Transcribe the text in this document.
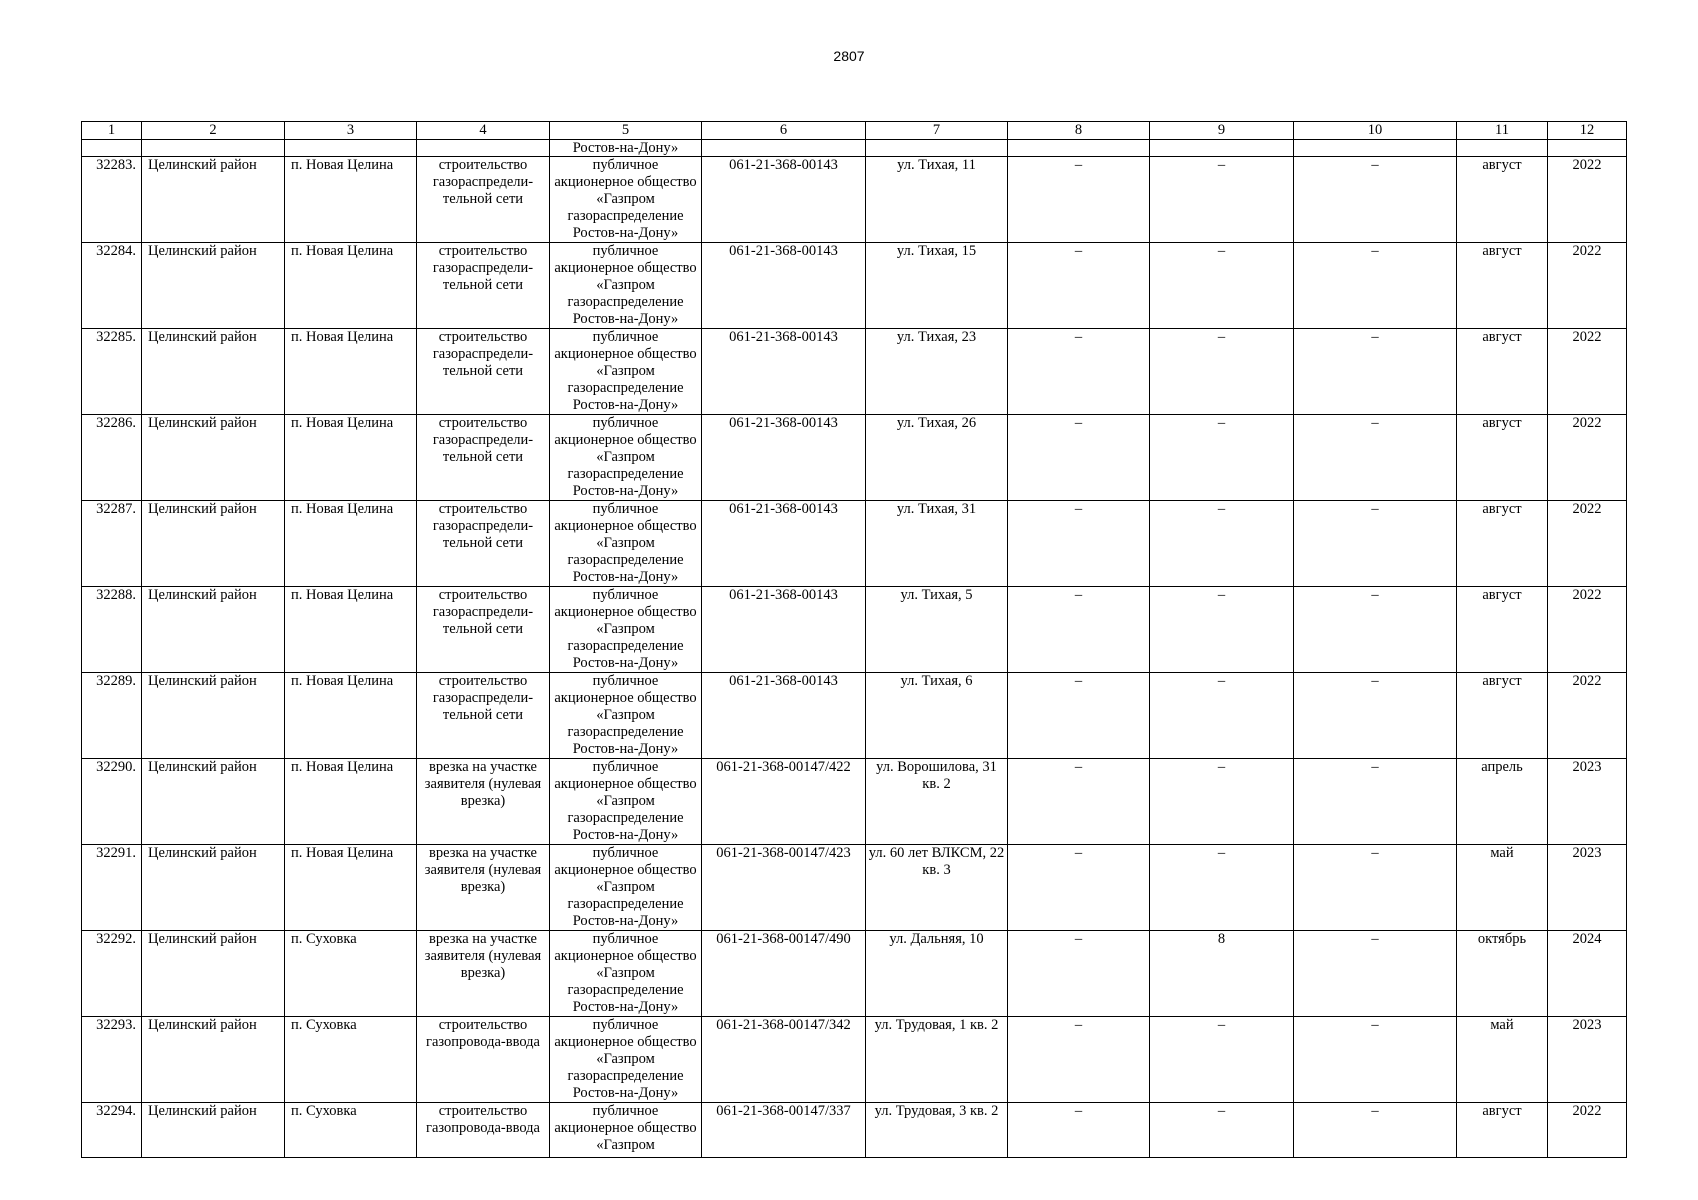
2807
1	2	3	4	5	6	7	8	9	10	11	12
				Ростов-на-Дону»							
32283.	Целинский район	п. Новая Целина	строительство газораспредели-тельной сети	публичное акционерное общество «Газпром газораспределение Ростов-на-Дону»	061-21-368-00143	ул. Тихая, 11	–	–	–	август	2022
32284.	Целинский район	п. Новая Целина	строительство газораспредели-тельной сети	публичное акционерное общество «Газпром газораспределение Ростов-на-Дону»	061-21-368-00143	ул. Тихая, 15	–	–	–	август	2022
32285.	Целинский район	п. Новая Целина	строительство газораспредели-тельной сети	публичное акционерное общество «Газпром газораспределение Ростов-на-Дону»	061-21-368-00143	ул. Тихая, 23	–	–	–	август	2022
32286.	Целинский район	п. Новая Целина	строительство газораспредели-тельной сети	публичное акционерное общество «Газпром газораспределение Ростов-на-Дону»	061-21-368-00143	ул. Тихая, 26	–	–	–	август	2022
32287.	Целинский район	п. Новая Целина	строительство газораспредели-тельной сети	публичное акционерное общество «Газпром газораспределение Ростов-на-Дону»	061-21-368-00143	ул. Тихая, 31	–	–	–	август	2022
32288.	Целинский район	п. Новая Целина	строительство газораспредели-тельной сети	публичное акционерное общество «Газпром газораспределение Ростов-на-Дону»	061-21-368-00143	ул. Тихая, 5	–	–	–	август	2022
32289.	Целинский район	п. Новая Целина	строительство газораспредели-тельной сети	публичное акционерное общество «Газпром газораспределение Ростов-на-Дону»	061-21-368-00143	ул. Тихая, 6	–	–	–	август	2022
32290.	Целинский район	п. Новая Целина	врезка на участке заявителя (нулевая врезка)	публичное акционерное общество «Газпром газораспределение Ростов-на-Дону»	061-21-368-00147/422	ул. Ворошилова, 31 кв. 2	–	–	–	апрель	2023
32291.	Целинский район	п. Новая Целина	врезка на участке заявителя (нулевая врезка)	публичное акционерное общество «Газпром газораспределение Ростов-на-Дону»	061-21-368-00147/423	ул. 60 лет ВЛКСМ, 22 кв. 3	–	–	–	май	2023
32292.	Целинский район	п. Суховка	врезка на участке заявителя (нулевая врезка)	публичное акционерное общество «Газпром газораспределение Ростов-на-Дону»	061-21-368-00147/490	ул. Дальняя, 10	–	8	–	октябрь	2024
32293.	Целинский район	п. Суховка	строительство газопровода-ввода	публичное акционерное общество «Газпром газораспределение Ростов-на-Дону»	061-21-368-00147/342	ул. Трудовая, 1 кв. 2	–	–	–	май	2023
32294.	Целинский район	п. Суховка	строительство газопровода-ввода	публичное акционерное общество «Газпром	061-21-368-00147/337	ул. Трудовая, 3 кв. 2	–	–	–	август	2022
